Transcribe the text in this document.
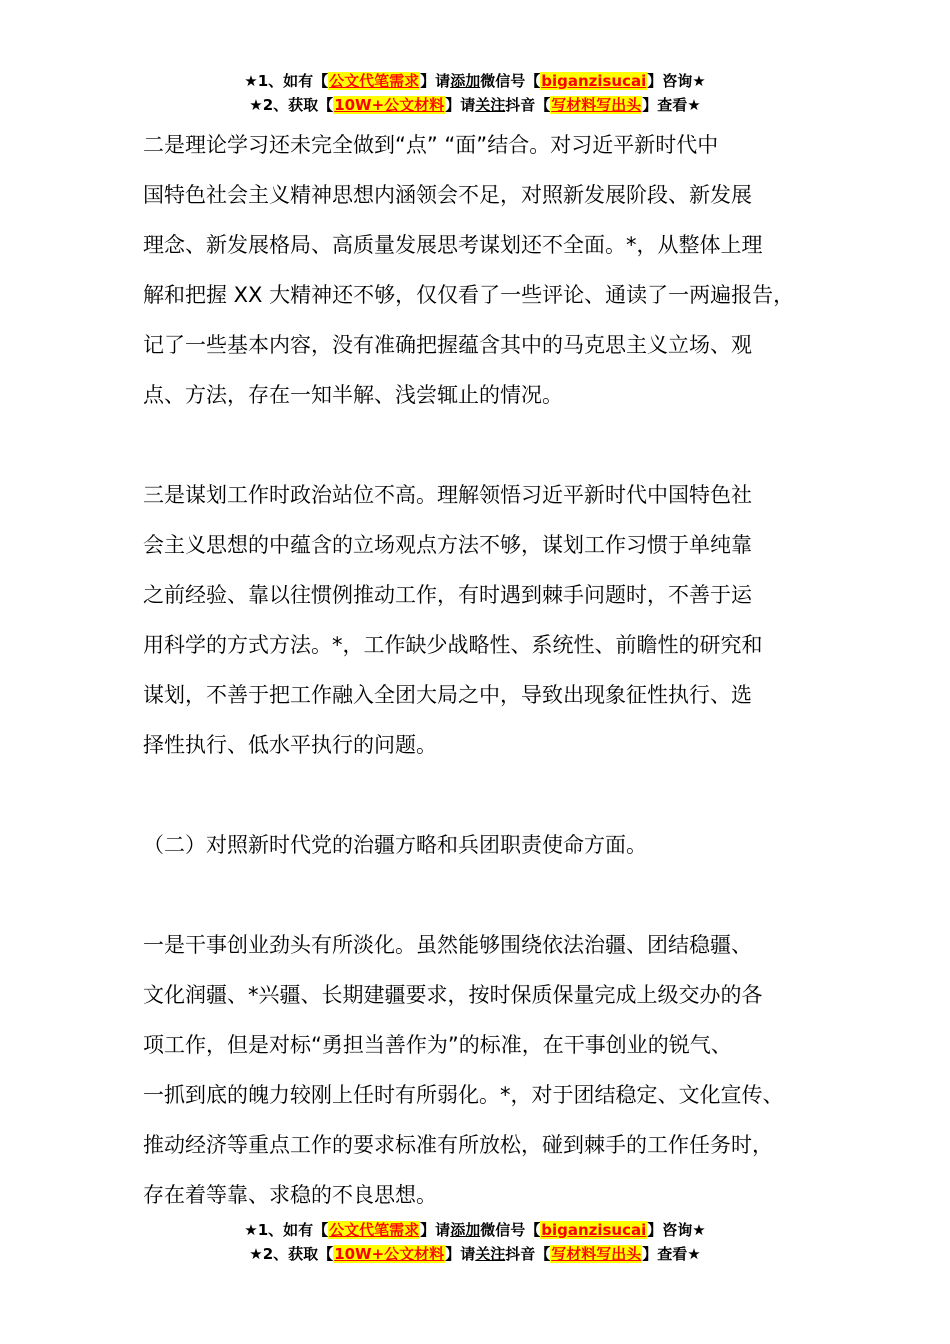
★1、如有【公文代笔需求】请添加微信号【biganzisucai】咨询★
★2、获取【10W+公文材料】请关注抖音【写材料写出头】查看★
二是理论学习还未完全做到“点” “面”结合。对习近平新时代中
国特色社会主义精神思想内涵领会不足，对照新发展阶段、新发展
理念、新发展格局、高质量发展思考谋划还不全面。*，从整体上理
解和把握 XX 大精神还不够，仅仅看了一些评论、通读了一两遍报告，
记了一些基本内容，没有准确把握蕴含其中的马克思主义立场、观
点、方法，存在一知半解、浅尝辄止的情况。
三是谋划工作时政治站位不高。理解领悟习近平新时代中国特色社
会主义思想的中蕴含的立场观点方法不够，谋划工作习惯于单纯靠
之前经验、靠以往惯例推动工作，有时遇到棘手问题时，不善于运
用科学的方式方法。*，工作缺少战略性、系统性、前瞻性的研究和
谋划，不善于把工作融入全团大局之中，导致出现象征性执行、选
择性执行、低水平执行的问题。
（二）对照新时代党的治疆方略和兵团职责使命方面。
一是干事创业劲头有所淡化。虽然能够围绕依法治疆、团结稳疆、
文化润疆、*兴疆、长期建疆要求，按时保质保量完成上级交办的各
项工作，但是对标“勇担当善作为”的标准，在干事创业的锐气、
一抓到底的魄力较刚上任时有所弱化。*，对于团结稳定、文化宣传、
推动经济等重点工作的要求标准有所放松，碰到棘手的工作任务时，
存在着等靠、求稳的不良思想。
★1、如有【公文代笔需求】请添加微信号【biganzisucai】咨询★
★2、获取【10W+公文材料】请关注抖音【写材料写出头】查看★
